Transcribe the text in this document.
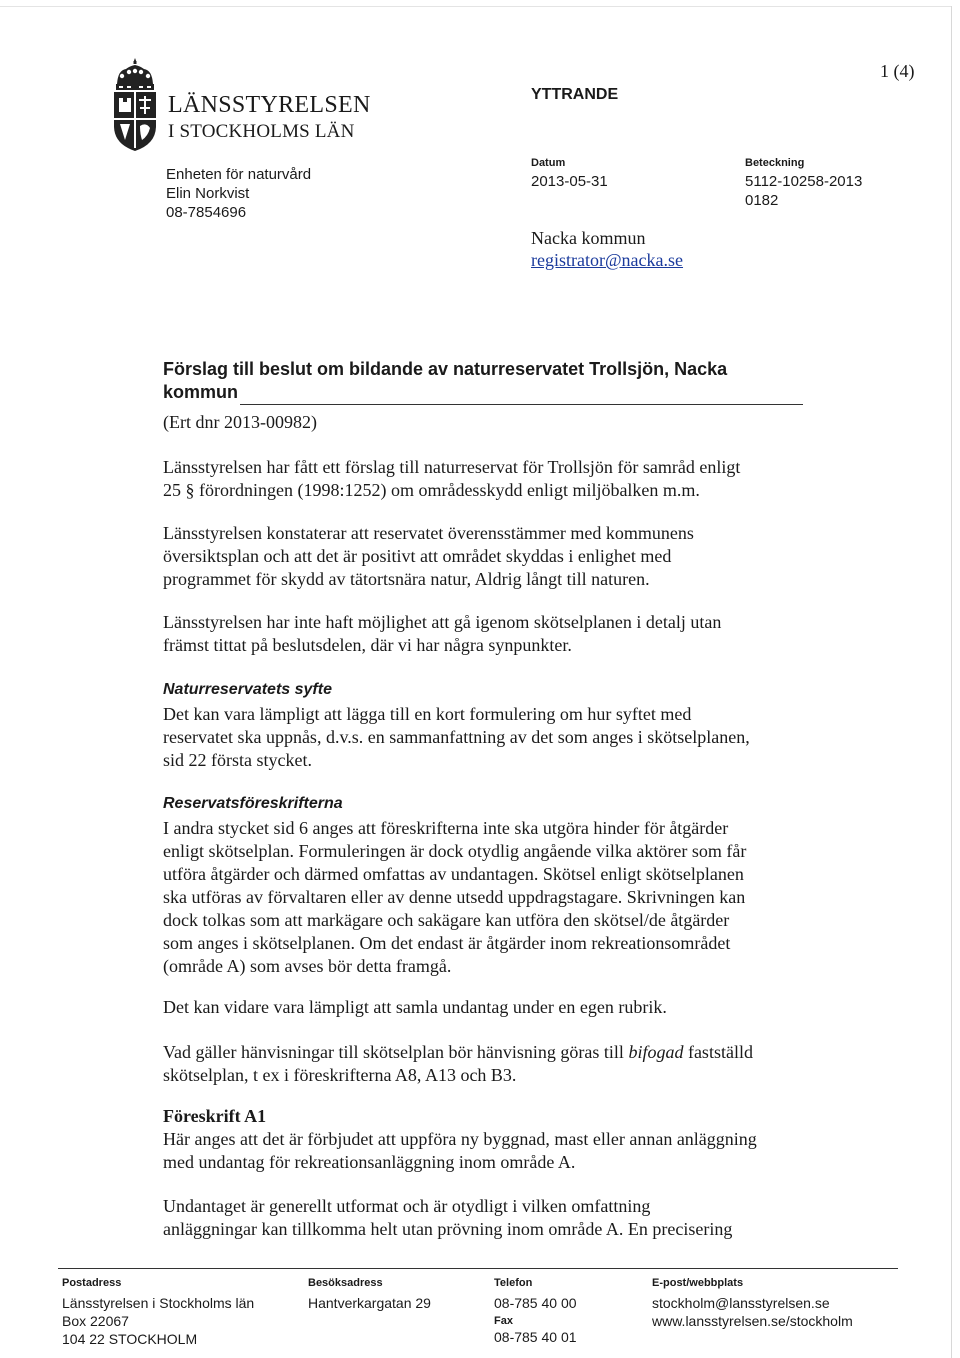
LÄNSSTYRELSEN
I STOCKHOLMS LÄN
Enheten för naturvård
Elin Norkvist
08-7854696
YTTRANDE
1 (4)
Datum
2013-05-31
Beteckning
5112-10258-2013
0182
Nacka kommun
registrator@nacka.se
Förslag till beslut om bildande av naturreservatet Trollsjön, Nacka
kommun
(Ert dnr 2013-00982)
Länsstyrelsen har fått ett förslag till naturreservat för Trollsjön för samråd enligt
25 § förordningen (1998:1252) om områdesskydd enligt miljöbalken m.m.
Länsstyrelsen konstaterar att reservatet överensstämmer med kommunens
översiktsplan och att det är positivt att området skyddas i enlighet med
programmet för skydd av tätortsnära natur, Aldrig långt till naturen.
Länsstyrelsen har inte haft möjlighet att gå igenom skötselplanen i detalj utan
främst tittat på beslutsdelen, där vi har några synpunkter.
Naturreservatets syfte
Det kan vara lämpligt att lägga till en kort formulering om hur syftet med
reservatet ska uppnås, d.v.s. en sammanfattning av det som anges i skötselplanen,
sid 22 första stycket.
Reservatsföreskrifterna
I andra stycket sid 6 anges att föreskrifterna inte ska utgöra hinder för åtgärder
enligt skötselplan. Formuleringen är dock otydlig angående vilka aktörer som får
utföra åtgärder och därmed omfattas av undantagen. Skötsel enligt skötselplanen
ska utföras av förvaltaren eller av denne utsedd uppdragstagare. Skrivningen kan
dock tolkas som att markägare och sakägare kan utföra den skötsel/de åtgärder
som anges i skötselplanen. Om det endast är åtgärder inom rekreationsområdet
(område A) som avses bör detta framgå.
Det kan vidare vara lämpligt att samla undantag under en egen rubrik.
Vad gäller hänvisningar till skötselplan bör hänvisning göras till bifogad fastställd
skötselplan, t ex i föreskrifterna A8, A13 och B3.
Föreskrift A1
Här anges att det är förbjudet att uppföra ny byggnad, mast eller annan anläggning
med undantag för rekreationsanläggning inom område A.
Undantaget är generellt utformat och är otydligt i vilken omfattning
anläggningar kan tillkomma helt utan prövning inom område A. En precisering
Postadress
Länsstyrelsen i Stockholms län
Box 22067
104 22 STOCKHOLM
Besöksadress
Hantverkargatan 29
Telefon
08-785 40 00
Fax
08-785 40 01
E-post/webbplats
stockholm@lansstyrelsen.se
www.lansstyrelsen.se/stockholm
